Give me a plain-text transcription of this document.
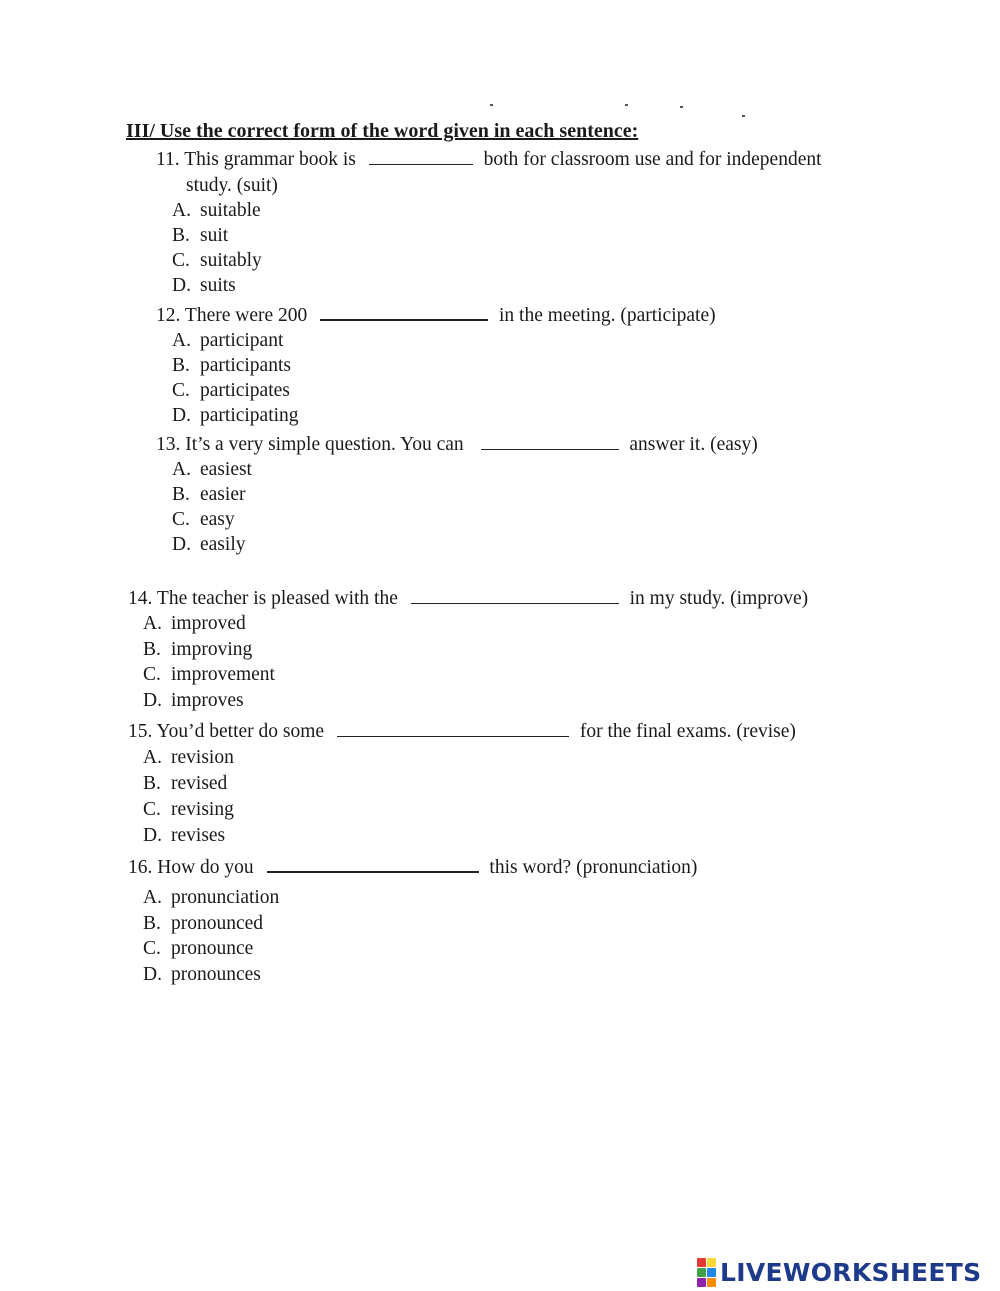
III/ Use the correct form of the word given in each sentence:
11. This grammar book is	both for classroom use and for independent
study. (suit)
A. suitable
B. suit
C. suitably
D. suits
12. There were 200	in the meeting. (participate)
A. participant
B. participants
C. participates
D. participating
13. It’s a very simple question. You can	answer it. (easy)
A. easiest
B. easier
C. easy
D. easily
14. The teacher is pleased with the	in my study. (improve)
A. improved
B. improving
C. improvement
D. improves
15. You’d better do some	for the final exams. (revise)
A. revision
B. revised
C. revising
D. revises
16. How do you	this word? (pronunciation)
A. pronunciation
B. pronounced
C. pronounce
D. pronounces
LIVEWORKSHEETS
